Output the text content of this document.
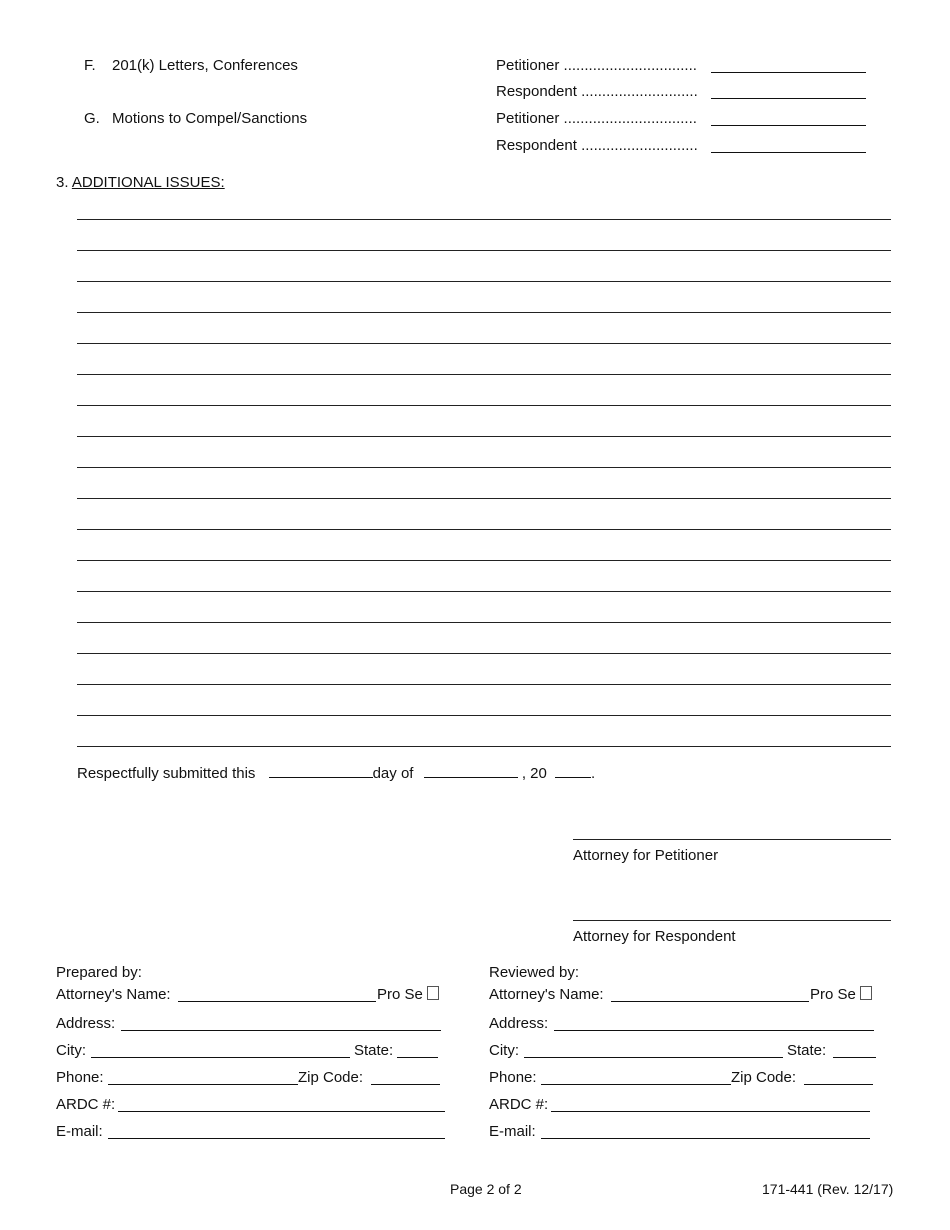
F. 201(k) Letters, Conferences	Petitioner ................................
Respondent ............................
G. Motions to Compel/Sanctions	Petitioner ................................
Respondent ............................
3. ADDITIONAL ISSUES:
Respectfully submitted this	day of	, 20	.
Attorney for Petitioner
Attorney for Respondent
Prepared by:
Attorney's Name:	Pro Se
Address:
City:	State:
Phone:	Zip Code:
ARDC #:
E-mail:
Reviewed by:
Attorney's Name:	Pro Se
Address:
City:	State:
Phone:	Zip Code:
ARDC #:
E-mail:
Page 2 of 2	171-441 (Rev. 12/17)
